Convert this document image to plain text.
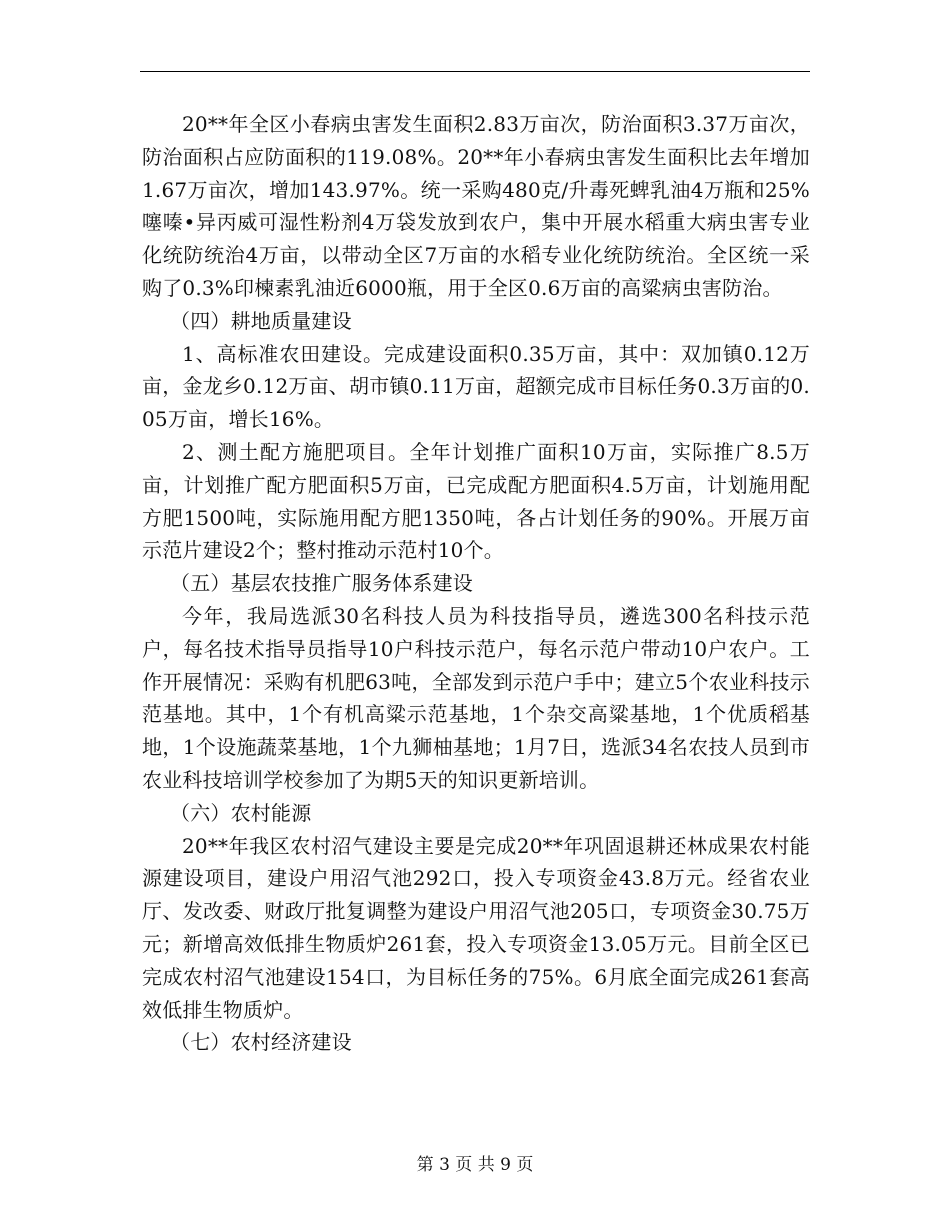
20**年全区小春病虫害发生面积2.83万亩次，防治面积3.37万亩次，防治面积占应防面积的119.08%。20**年小春病虫害发生面积比去年增加1.67万亩次，增加143.97%。统一采购480克/升毒死蜱乳油4万瓶和25%噻嗪•异丙威可湿性粉剂4万袋发放到农户，集中开展水稻重大病虫害专业化统防统治4万亩，以带动全区7万亩的水稻专业化统防统治。全区统一采购了0.3%印楝素乳油近6000瓶，用于全区0.6万亩的高粱病虫害防治。

（四）耕地质量建设

1、高标准农田建设。完成建设面积0.35万亩，其中：双加镇0.12万亩，金龙乡0.12万亩、胡市镇0.11万亩，超额完成市目标任务0.3万亩的0.05万亩，增长16%。

2、测土配方施肥项目。全年计划推广面积10万亩，实际推广8.5万亩，计划推广配方肥面积5万亩，已完成配方肥面积4.5万亩，计划施用配方肥1500吨，实际施用配方肥1350吨，各占计划任务的90%。开展万亩示范片建设2个；整村推动示范村10个。

（五）基层农技推广服务体系建设

今年，我局选派30名科技人员为科技指导员，遴选300名科技示范户，每名技术指导员指导10户科技示范户，每名示范户带动10户农户。工作开展情况：采购有机肥63吨，全部发到示范户手中；建立5个农业科技示范基地。其中，1个有机高粱示范基地，1个杂交高粱基地，1个优质稻基地，1个设施蔬菜基地，1个九狮柚基地；1月7日，选派34名农技人员到市农业科技培训学校参加了为期5天的知识更新培训。

（六）农村能源

20**年我区农村沼气建设主要是完成20**年巩固退耕还林成果农村能源建设项目，建设户用沼气池292口，投入专项资金43.8万元。经省农业厅、发改委、财政厅批复调整为建设户用沼气池205口，专项资金30.75万元；新增高效低排生物质炉261套，投入专项资金13.05万元。目前全区已完成农村沼气池建设154口，为目标任务的75%。6月底全面完成261套高效低排生物质炉。

（七）农村经济建设

第 3 页 共 9 页
